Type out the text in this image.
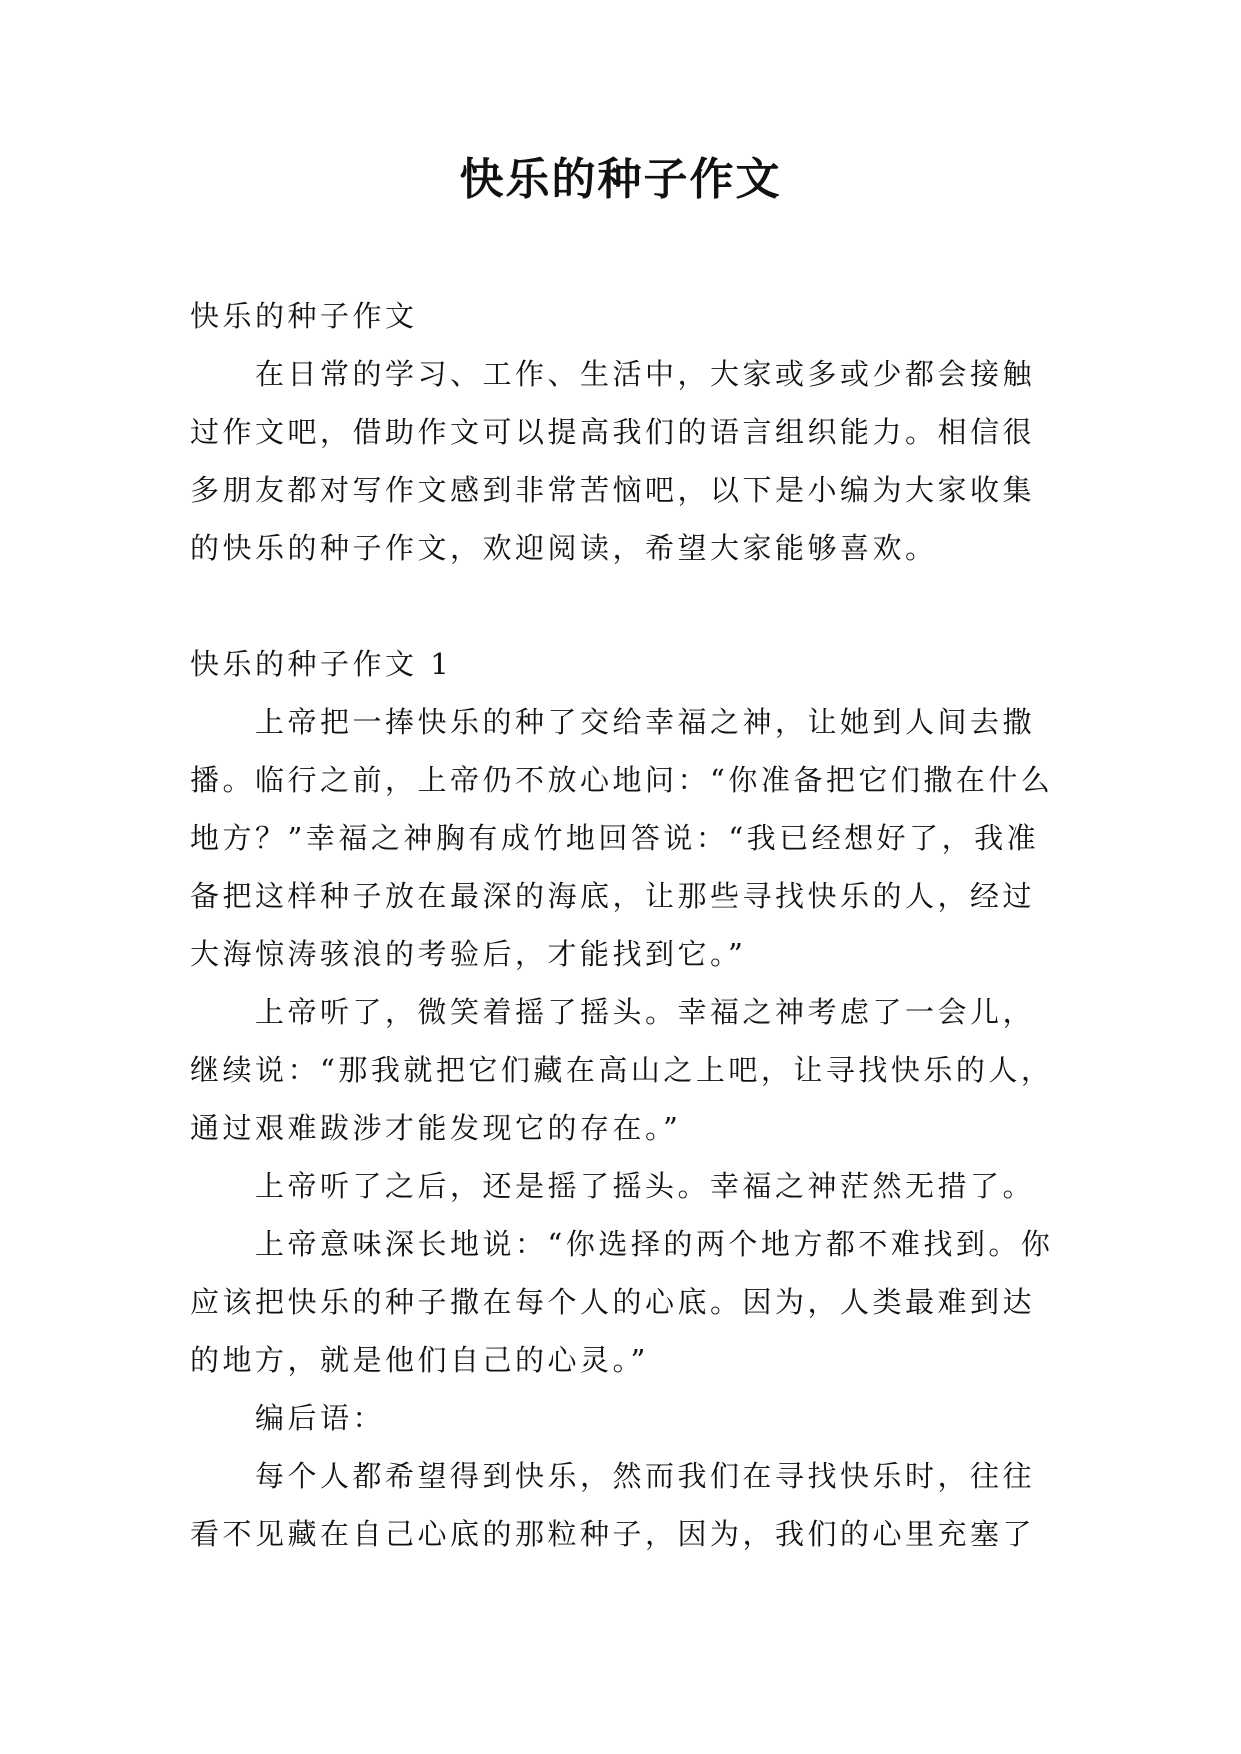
快乐的种子作文

快乐的种子作文

在日常的学习、工作、生活中，大家或多或少都会接触过作文吧，借助作文可以提高我们的语言组织能力。相信很多朋友都对写作文感到非常苦恼吧，以下是小编为大家收集的快乐的种子作文，欢迎阅读，希望大家能够喜欢。

快乐的种子作文 1

上帝把一捧快乐的种了交给幸福之神，让她到人间去撒播。临行之前，上帝仍不放心地问：“你准备把它们撒在什么地方？”幸福之神胸有成竹地回答说：“我已经想好了，我准备把这样种子放在最深的海底，让那些寻找快乐的人，经过大海惊涛骇浪的考验后，才能找到它。”

上帝听了，微笑着摇了摇头。幸福之神考虑了一会儿，继续说：“那我就把它们藏在高山之上吧，让寻找快乐的人，通过艰难跋涉才能发现它的存在。”

上帝听了之后，还是摇了摇头。幸福之神茫然无措了。

上帝意味深长地说：“你选择的两个地方都不难找到。你应该把快乐的种子撒在每个人的心底。因为，人类最难到达的地方，就是他们自己的心灵。”

编后语：

每个人都希望得到快乐，然而我们在寻找快乐时，往往看不见藏在自己心底的那粒种子，因为，我们的心里充塞了
